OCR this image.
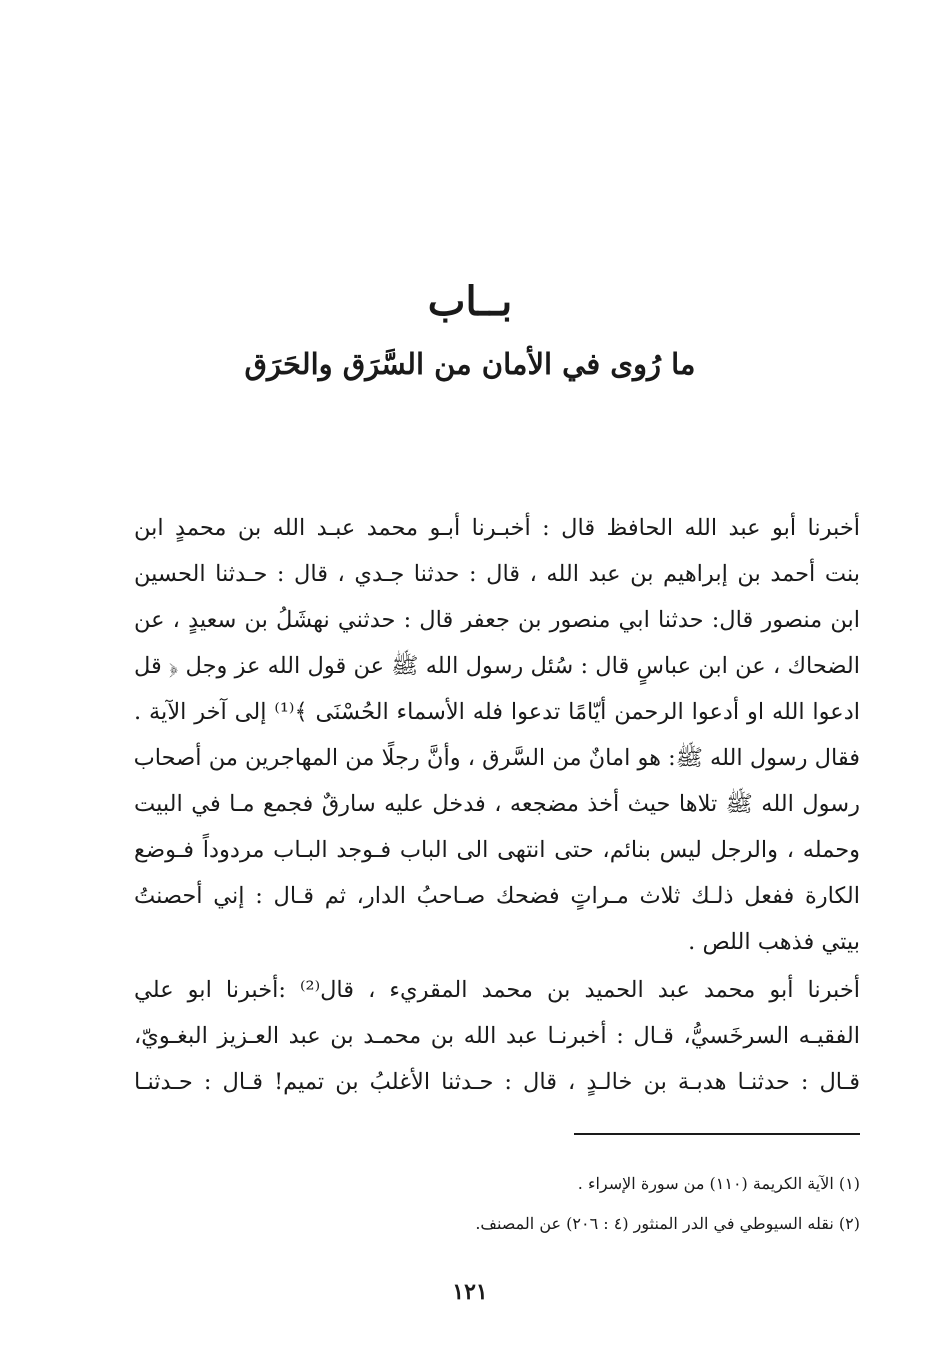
بــاب
ما رُوى في الأمان من السَّرَق والحَرَق
أخبرنا أبو عبد الله الحافظ قال : أخبـرنا أبـو محمد عبـد الله بن محمدٍ ابن
بنت أحمد بن إبراهيم بن عبد الله ، قال : حدثنا جـدي ، قال : حـدثنا الحسين
ابن منصور قال: حدثنا ابي منصور بن جعفر قال : حدثني نهشَلُ بن سعيدٍ ، عن
الضحاك ، عن ابن عباسٍ قال : سُئل رسول الله ﷺ عن قول الله عز وجل ﴿ قل
ادعوا الله او أدعوا الرحمن أيّامًا تدعوا فله الأسماء الحُسْنَى ﴾⁽¹⁾ إلى آخر الآية .
فقال رسول الله ﷺ: هو امانٌ من السَّرق ، وأنَّ رجلًا من المهاجرين من أصحاب
رسول الله ﷺ تلاها حيث أخذ مضجعه ، فدخل عليه سارقٌ فجمع مـا في البيت
وحمله ، والرجل ليس بنائم، حتى انتهى الى الباب فـوجد البـاب مردوداً فـوضع
الكارة ففعل ذلـك ثلاث مـراتٍ فضحك صـاحبُ الدار، ثم قـال : إني أحصنتُ
بيتي فذهب اللص .
أخبرنا أبو محمد عبد الحميد بن محمد المقريء ، قال⁽²⁾ :أخبرنا ابو علي
الفقيـه السرخَسيُّ، قـال : أخبرنـا عبد الله بن محمـد بن عبد العـزيز البغـويّ،
قـال : حدثنـا هدبـة بن خالـدٍ ، قال : حـدثنا الأغلبُ بن تميم! قـال : حـدثنـا
(١) الآية الكريمة (١١٠) من سورة الإسراء .
(٢) نقله السيوطي في الدر المنثور (٤ : ٢٠٦) عن المصنف.
١٢١
